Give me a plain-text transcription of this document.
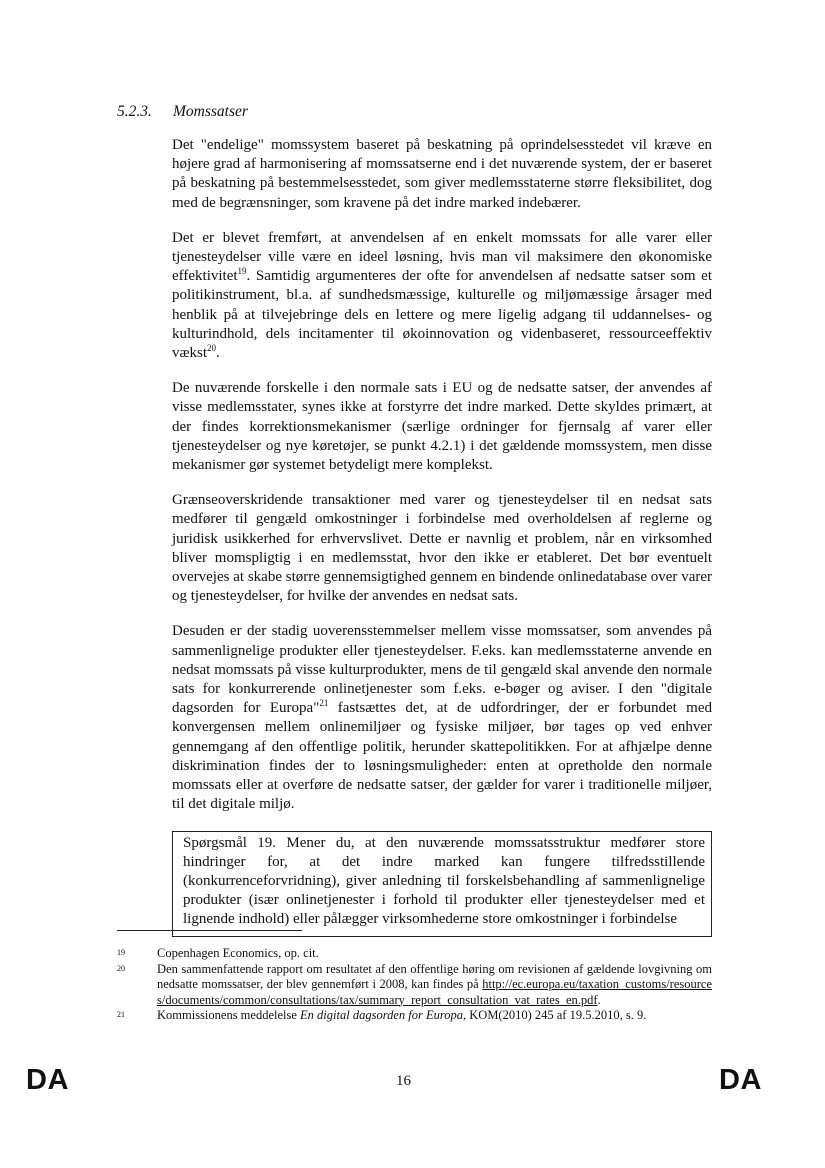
5.2.3. Momssatser

Det "endelige" momssystem baseret på beskatning på oprindelsesstedet vil kræve en højere grad af harmonisering af momssatserne end i det nuværende system, der er baseret på beskatning på bestemmelsesstedet, som giver medlemsstaterne større fleksibilitet, dog med de begrænsninger, som kravene på det indre marked indebærer.

Det er blevet fremført, at anvendelsen af en enkelt momssats for alle varer eller tjenesteydelser ville være en ideel løsning, hvis man vil maksimere den økonomiske effektivitet$^{19}$. Samtidig argumenteres der ofte for anvendelsen af nedsatte satser som et politikinstrument, bl.a. af sundhedsmæssige, kulturelle og miljømæssige årsager med henblik på at tilvejebringe dels en lettere og mere ligelig adgang til uddannelses- og kulturindhold, dels incitamenter til økoinnovation og videnbaseret, ressourceeffektiv vækst$^{20}$.

De nuværende forskelle i den normale sats i EU og de nedsatte satser, der anvendes af visse medlemsstater, synes ikke at forstyrre det indre marked. Dette skyldes primært, at der findes korrektionsmekanismer (særlige ordninger for fjernsalg af varer eller tjenesteydelser og nye køretøjer, se punkt 4.2.1) i det gældende momssystem, men disse mekanismer gør systemet betydeligt mere komplekst.

Grænseoverskridende transaktioner med varer og tjenesteydelser til en nedsat sats medfører til gengæld omkostninger i forbindelse med overholdelsen af reglerne og juridisk usikkerhed for erhvervslivet. Dette er navnlig et problem, når en virksomhed bliver momspligtig i en medlemsstat, hvor den ikke er etableret. Det bør eventuelt overvejes at skabe større gennemsigtighed gennem en bindende onlinedatabase over varer og tjenesteydelser, for hvilke der anvendes en nedsat sats.

Desuden er der stadig uoverensstemmelser mellem visse momssatser, som anvendes på sammenlignelige produkter eller tjenesteydelser. F.eks. kan medlemsstaterne anvende en nedsat momssats på visse kulturprodukter, mens de til gengæld skal anvende den normale sats for konkurrerende onlinetjenester som f.eks. e-bøger og aviser. I den "digitale dagsorden for Europa"$^{21}$ fastsættes det, at de udfordringer, der er forbundet med konvergensen mellem onlinemiljøer og fysiske miljøer, bør tages op ved enhver gennemgang af den offentlige politik, herunder skattepolitikken. For at afhjælpe denne diskrimination findes der to løsningsmuligheder: enten at opretholde den normale momssats eller at overføre de nedsatte satser, der gælder for varer i traditionelle miljøer, til det digitale miljø.

Spørgsmål 19. Mener du, at den nuværende momssatsstruktur medfører store hindringer for, at det indre marked kan fungere tilfredsstillende (konkurrenceforvridning), giver anledning til forskelsbehandling af sammenlignelige produkter (især onlinetjenester i forhold til produkter eller tjenesteydelser med et lignende indhold) eller pålægger virksomhederne store omkostninger i forbindelse
19	Copenhagen Economics, op. cit.
20	Den sammenfattende rapport om resultatet af den offentlige høring om revisionen af gældende lovgivning om nedsatte momssatser, der blev gennemført i 2008, kan findes på http://ec.europa.eu/taxation_customs/resources/documents/common/consultations/tax/summary_report_consultation_vat_rates_en.pdf.
21	Kommissionens meddelelse En digital dagsorden for Europa, KOM(2010) 245 af 19.5.2010, s. 9.
DA	16	DA
